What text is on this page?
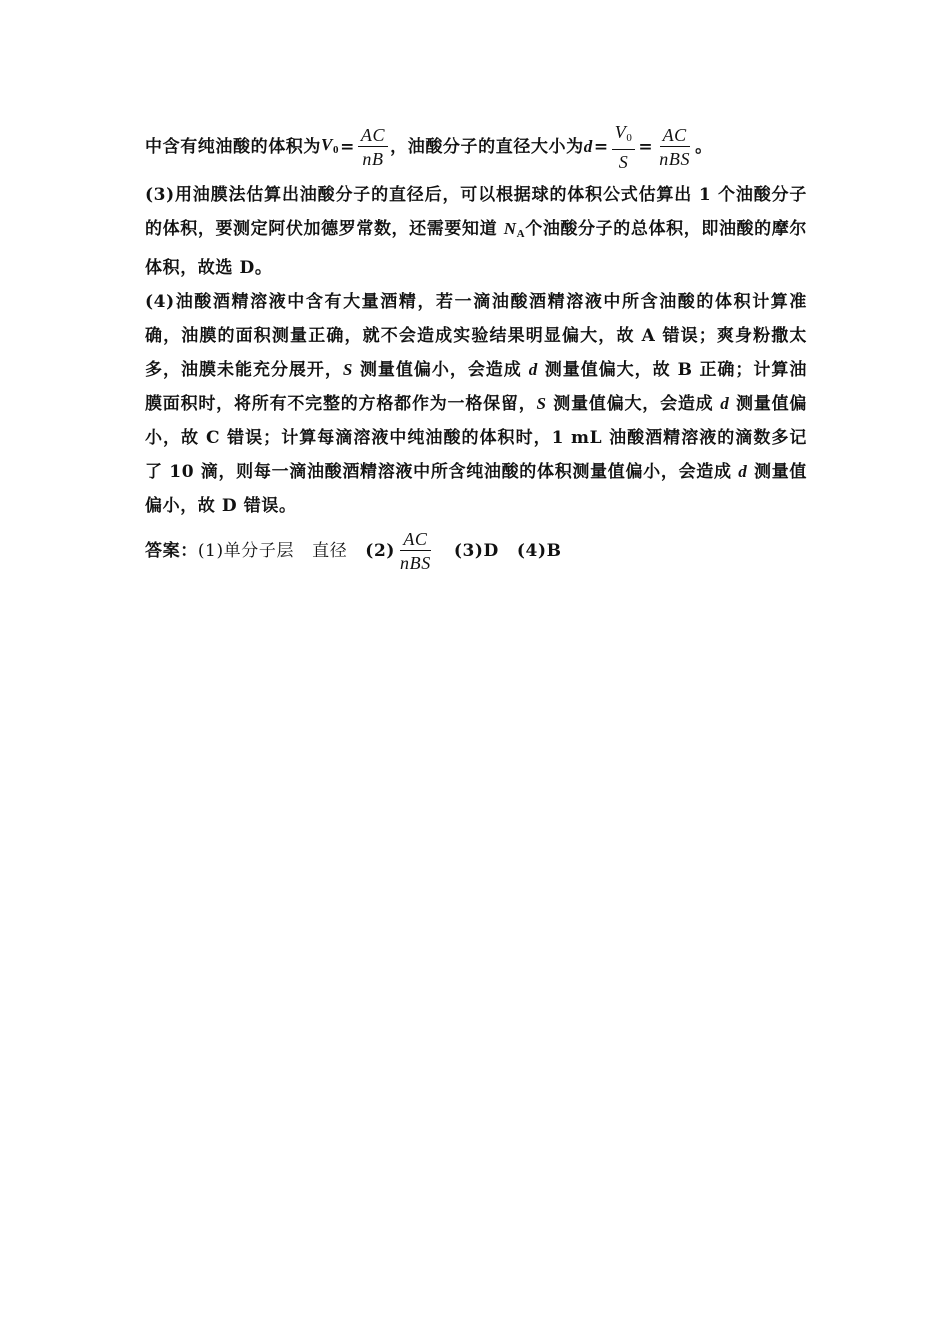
中含有纯油酸的体积为 $V_0 = \frac{AC}{nB}$ ，油酸分子的直径大小为 $d = \frac{V_0}{S} = \frac{AC}{\text{nBS}}$ 。

(3)用油膜法估算出油酸分子的直径后，可以根据球的体积公式估算出 1 个油酸分子的体积，要测定阿伏加德罗常数，还需要知道 $N_A$个油酸分子的总体积，即油酸的摩尔体积，故选 D。

(4)油酸酒精溶液中含有大量酒精，若一滴油酸酒精溶液中所含油酸的体积计算准确，油膜的面积测量正确，就不会造成实验结果明显偏大，故 A 错误；爽身粉撒太多，油膜未能充分展开，S 测量值偏小，会造成 d 测量值偏大，故 B 正确；计算油膜面积时，将所有不完整的方格都作为一格保留，S 测量值偏大，会造成 d 测量值偏小，故 C 错误；计算每滴溶液中纯油酸的体积时，1 mL 油酸酒精溶液的滴数多记了 10 滴，则每一滴油酸酒精溶液中所含纯油酸的体积测量值偏小，会造成 d 测量值偏小，故 D 错误。

答案： (1)单分子层 直径 $(2) \frac{AC}{\text{nBS}} (3)D$ (4)B
